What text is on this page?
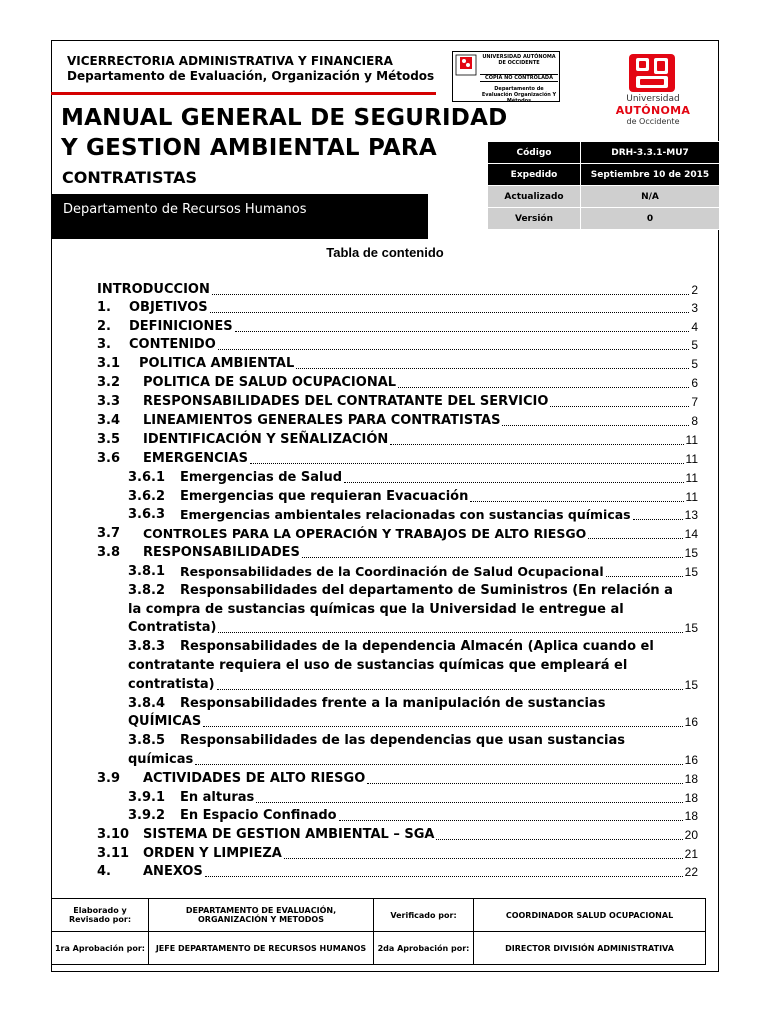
VICERRECTORIA ADMINISTRATIVA Y FINANCIERA
Departamento de Evaluación, Organización y Métodos
UNIVERSIDAD AUTÓNOMA DE OCCIDENTE
COPIA NO CONTROLADA
Departamento de Evaluación Organización Y Métodos	Universidad
AUTÓNOMA
de Occidente
MANUAL GENERAL DE SEGURIDAD
Y GESTION AMBIENTAL PARA
CONTRATISTAS
Departamento de Recursos Humanos
Código	DRH-3.3.1-MU7
Expedido	Septiembre 10 de 2015
Actualizado	N/A
Versión	0
Tabla de contenido
INTRODUCCION	2
1.	OBJETIVOS	3
2.	DEFINICIONES	4
3.	CONTENIDO	5
3.1	POLITICA AMBIENTAL	5
3.2	POLITICA DE SALUD OCUPACIONAL	6
3.3	RESPONSABILIDADES DEL CONTRATANTE DEL SERVICIO	7
3.4	LINEAMIENTOS GENERALES PARA CONTRATISTAS	8
3.5	IDENTIFICACIÓN Y SEÑALIZACIÓN	11
3.6	EMERGENCIAS	11
3.6.1	Emergencias de Salud	11
3.6.2	Emergencias que requieran Evacuación	11
3.6.3	Emergencias ambientales relacionadas con sustancias químicas	13
3.7	CONTROLES PARA LA OPERACIÓN Y TRABAJOS DE ALTO RIESGO	14
3.8	RESPONSABILIDADES	15
3.8.1	Responsabilidades de la Coordinación de Salud Ocupacional	15
3.8.2 Responsabilidades del departamento de Suministros (En relación a
la compra de sustancias químicas que la Universidad le entregue al
Contratista)	15
3.8.3 Responsabilidades de la dependencia Almacén (Aplica cuando el
contratante requiera el uso de sustancias químicas que empleará el
contratista)	15
3.8.4 Responsabilidades frente a la manipulación de sustancias
QUÍMICAS	16
3.8.5 Responsabilidades de las dependencias que usan sustancias
químicas	16
3.9	ACTIVIDADES DE ALTO RIESGO	18
3.9.1	En alturas	18
3.9.2	En Espacio Confinado	18
3.10	SISTEMA DE GESTION AMBIENTAL – SGA	20
3.11	ORDEN Y LIMPIEZA	21
4.	ANEXOS	22
Elaborado y Revisado por:	DEPARTAMENTO DE EVALUACIÓN, ORGANIZACIÓN Y METODOS	Verificado por:	COORDINADOR SALUD OCUPACIONAL
1ra Aprobación por:	JEFE DEPARTAMENTO DE RECURSOS HUMANOS	2da Aprobación por:	DIRECTOR DIVISIÓN ADMINISTRATIVA
